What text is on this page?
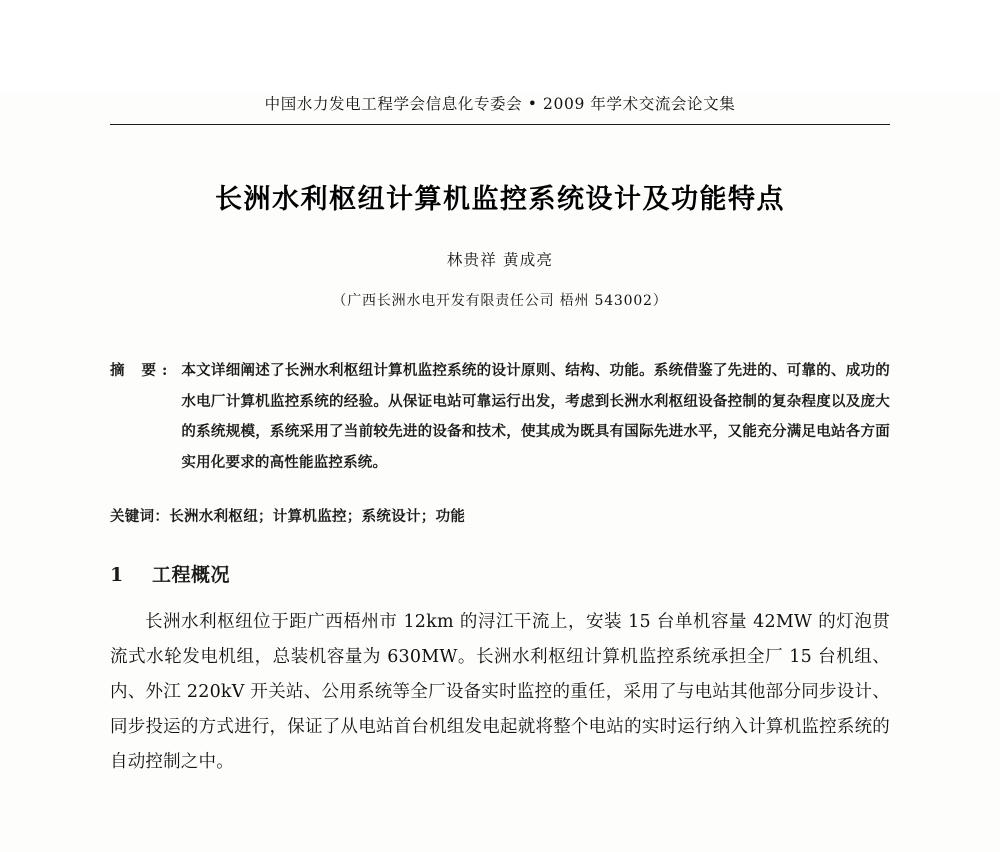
中国水力发电工程学会信息化专委会 • 2009 年学术交流会论文集
长洲水利枢纽计算机监控系统设计及功能特点
林贵祥 黄成亮
（广西长洲水电开发有限责任公司 梧州 543002）
摘 要: 本文详细阐述了长洲水利枢纽计算机监控系统的设计原则、结构、功能。系统借鉴了先进的、可靠的、成功的水电厂计算机监控系统的经验。从保证电站可靠运行出发，考虑到长洲水利枢纽设备控制的复杂程度以及庞大的系统规模，系统采用了当前较先进的设备和技术，使其成为既具有国际先进水平，又能充分满足电站各方面实用化要求的高性能监控系统。
关键词：长洲水利枢纽；计算机监控；系统设计；功能
1 工程概况

长洲水利枢纽位于距广西梧州市 12km 的浔江干流上，安装 15 台单机容量 42MW 的灯泡贯流式水轮发电机组，总装机容量为 630MW。长洲水利枢纽计算机监控系统承担全厂 15 台机组、内、外江 220kV 开关站、公用系统等全厂设备实时监控的重任，采用了与电站其他部分同步设计、同步投运的方式进行，保证了从电站首台机组发电起就将整个电站的实时运行纳入计算机监控系统的自动控制之中。
